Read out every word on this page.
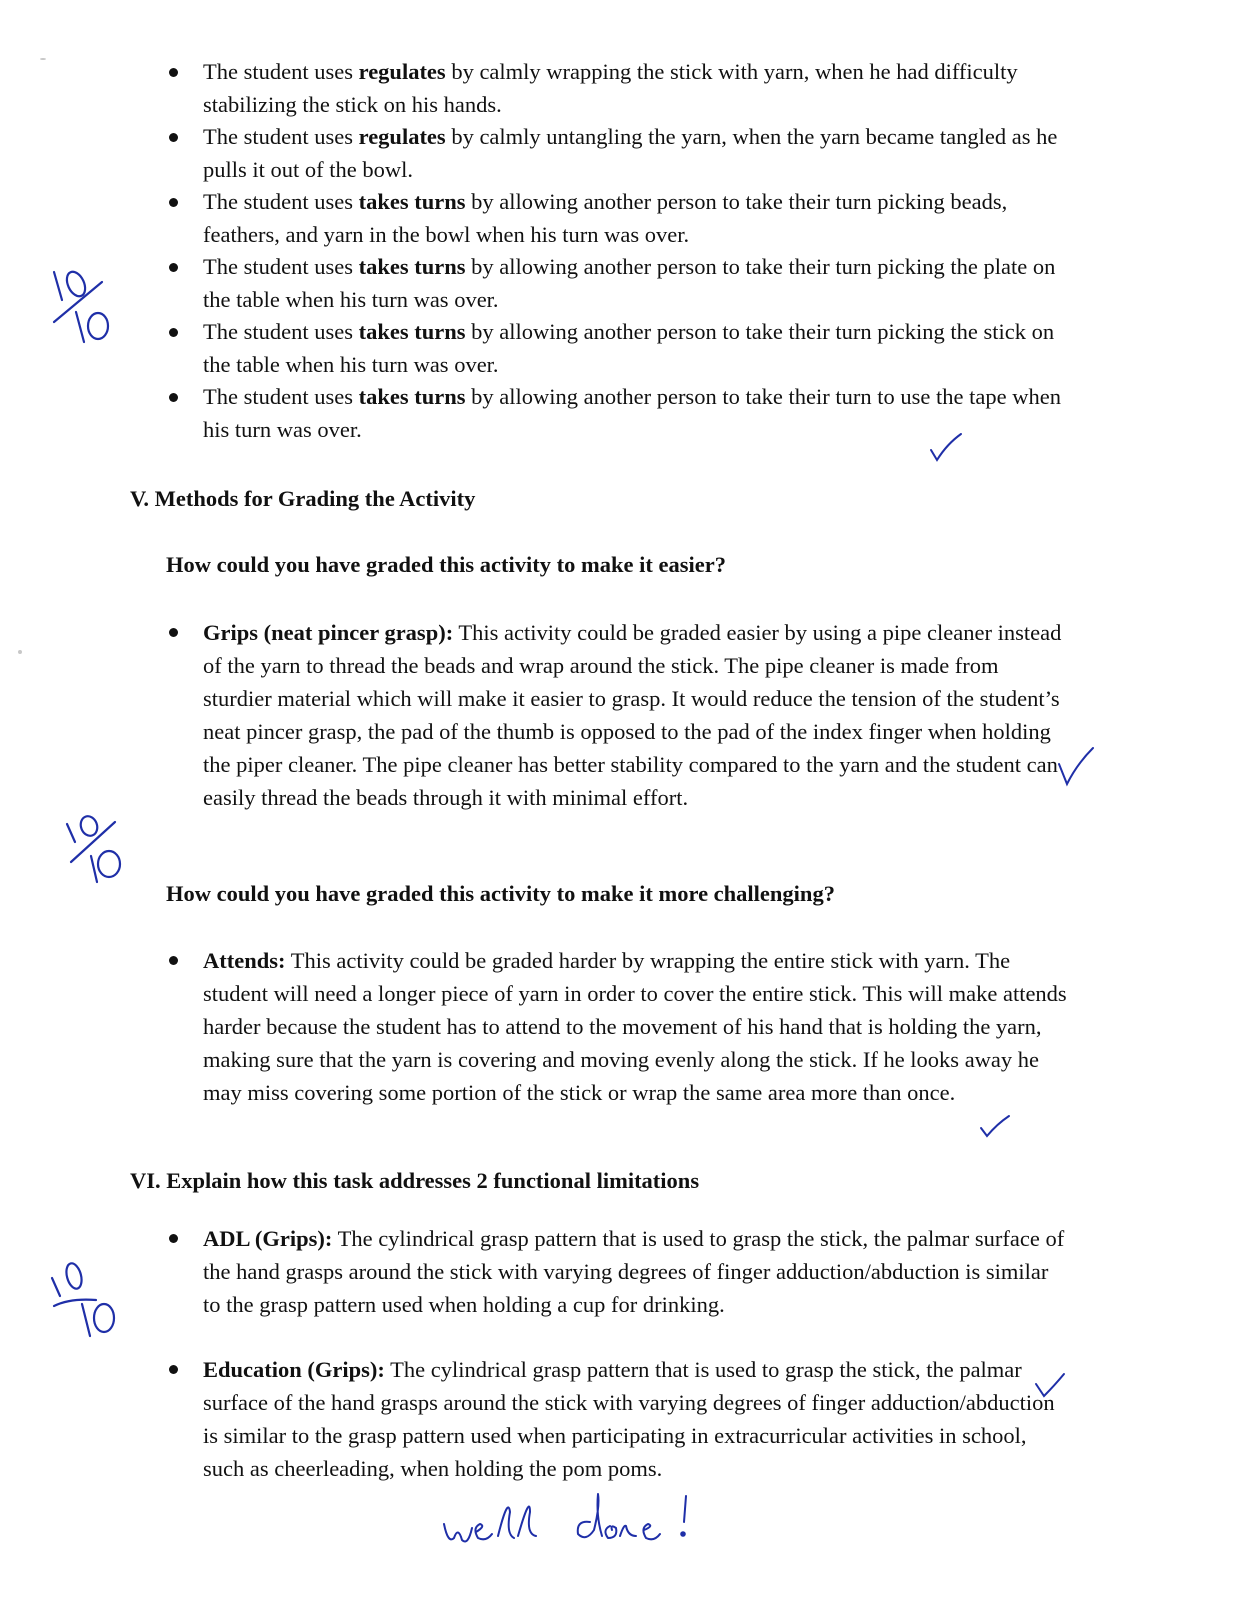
The student uses regulates by calmly wrapping the stick with yarn, when he had difficulty stabilizing the stick on his hands.
The student uses regulates by calmly untangling the yarn, when the yarn became tangled as he pulls it out of the bowl.
The student uses takes turns by allowing another person to take their turn picking beads, feathers, and yarn in the bowl when his turn was over.
The student uses takes turns by allowing another person to take their turn picking the plate on the table when his turn was over.
The student uses takes turns by allowing another person to take their turn picking the stick on the table when his turn was over.
The student uses takes turns by allowing another person to take their turn to use the tape when his turn was over.
V. Methods for Grading the Activity
How could you have graded this activity to make it easier?
Grips (neat pincer grasp): This activity could be graded easier by using a pipe cleaner instead of the yarn to thread the beads and wrap around the stick. The pipe cleaner is made from sturdier material which will make it easier to grasp. It would reduce the tension of the student’s neat pincer grasp, the pad of the thumb is opposed to the pad of the index finger when holding the piper cleaner. The pipe cleaner has better stability compared to the yarn and the student can easily thread the beads through it with minimal effort.
How could you have graded this activity to make it more challenging?
Attends: This activity could be graded harder by wrapping the entire stick with yarn. The student will need a longer piece of yarn in order to cover the entire stick. This will make attends harder because the student has to attend to the movement of his hand that is holding the yarn, making sure that the yarn is covering and moving evenly along the stick. If he looks away he may miss covering some portion of the stick or wrap the same area more than once.
VI. Explain how this task addresses 2 functional limitations
ADL (Grips): The cylindrical grasp pattern that is used to grasp the stick, the palmar surface of the hand grasps around the stick with varying degrees of finger adduction/abduction is similar to the grasp pattern used when holding a cup for drinking.
Education (Grips): The cylindrical grasp pattern that is used to grasp the stick, the palmar surface of the hand grasps around the stick with varying degrees of finger adduction/abduction is similar to the grasp pattern used when participating in extracurricular activities in school, such as cheerleading, when holding the pom poms.
